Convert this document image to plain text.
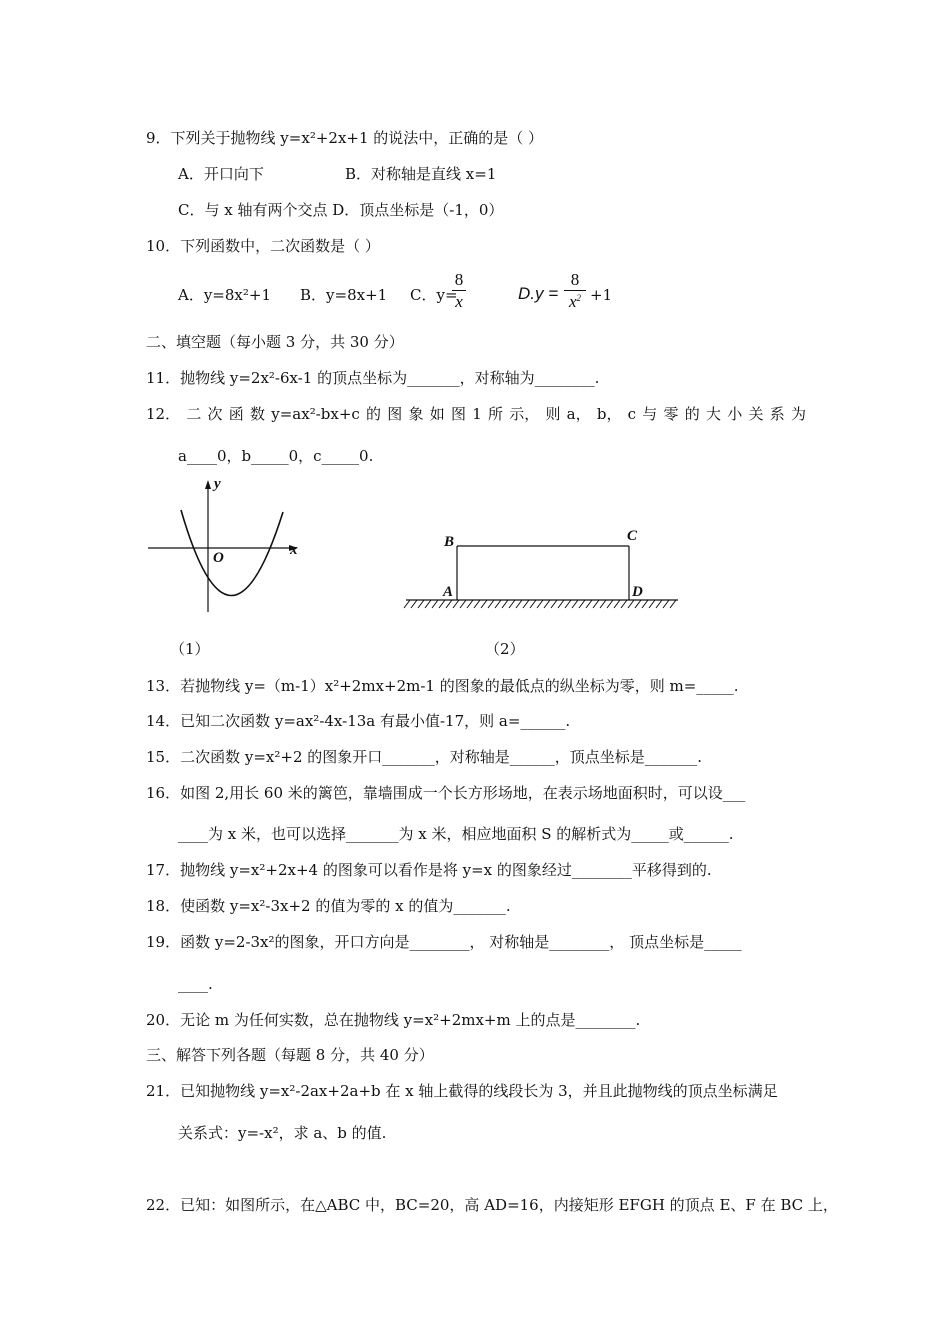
9．下列关于抛物线 y=x²+2x+1 的说法中，正确的是（ ）
A．开口向下	B．对称轴是直线 x=1
C．与 x 轴有两个交点 D．顶点坐标是（-1，0）
10．下列函数中，二次函数是（ ）
A．y=8x²+1 B．y=8x+1 C．y=
8
x	D.y =
8
$x^2 +1$
二、填空题（每小题 3 分，共 30 分）
11．抛物线 y=2x²-6x-1 的顶点坐标为_______，对称轴为________.
12． 二 次 函 数 y=ax²-bx+c 的 图 象 如 图 1 所 示， 则 a， b， c 与 零 的 大 小 关 系 为
a____0，b_____0，c_____0.
y
x
O
B	C
A	D
（1）	（2）
13．若抛物线 y=（m-1）x²+2mx+2m-1 的图象的最低点的纵坐标为零，则 m=_____.
14．已知二次函数 y=ax²-4x-13a 有最小值-17，则 a=______.
15．二次函数 y=x²+2 的图象开口_______，对称轴是______，顶点坐标是_______.
16．如图 2,用长 60 米的篱笆，靠墙围成一个长方形场地，在表示场地面积时，可以设___
____为 x 米，也可以选择_______为 x 米，相应地面积 S 的解析式为_____或______.
17．抛物线 y=x²+2x+4 的图象可以看作是将 y=x 的图象经过________平移得到的.
18．使函数 y=x²-3x+2 的值为零的 x 的值为_______.
19．函数 y=2-3x²的图象，开口方向是________， 对称轴是________， 顶点坐标是_____
____.
20．无论 m 为任何实数，总在抛物线 y=x²+2mx+m 上的点是________.
三、解答下列各题（每题 8 分，共 40 分）
21．已知抛物线 y=x²-2ax+2a+b 在 x 轴上截得的线段长为 3，并且此抛物线的顶点坐标满足
关系式：y=-x²，求 a、b 的值.
22．已知：如图所示，在△ABC 中，BC=20，高 AD=16，内接矩形 EFGH 的顶点 E、F 在 BC 上，
